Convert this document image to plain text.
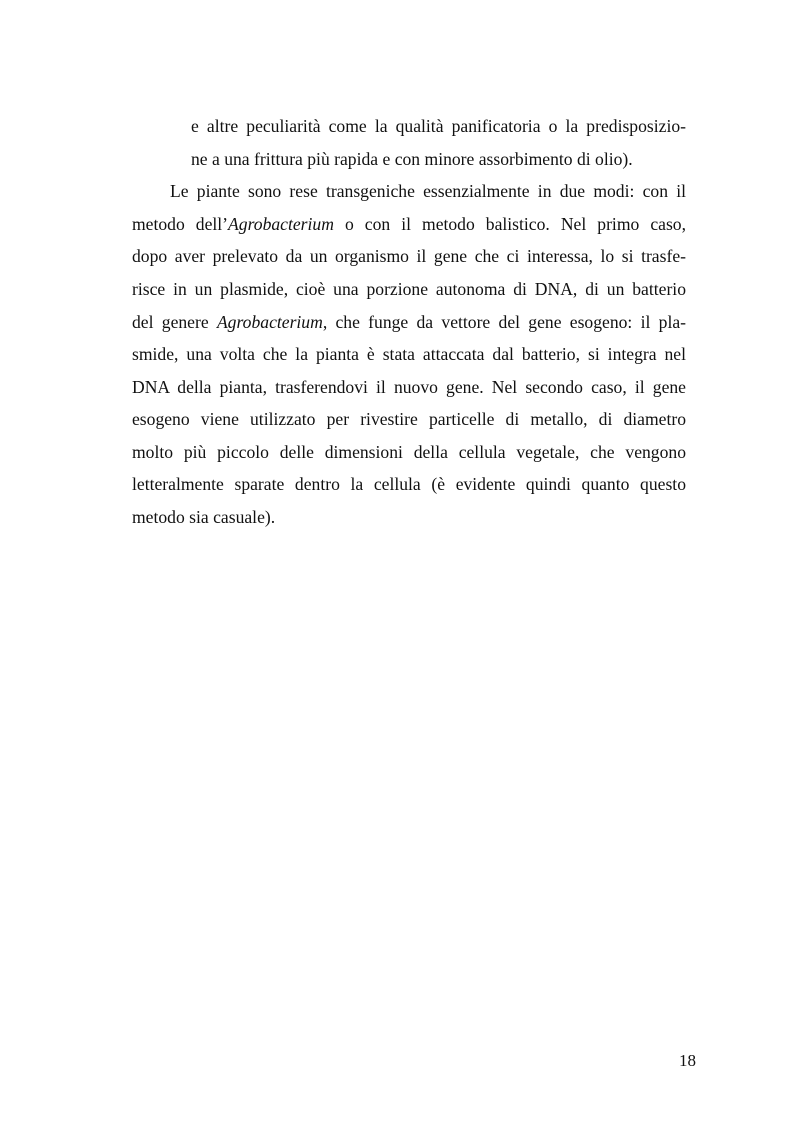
e altre peculiarità come la qualità panificatoria o la predisposizio-
ne a una frittura più rapida e con minore assorbimento di olio).
Le piante sono rese transgeniche essenzialmente in due modi: con il
metodo dell’Agrobacterium o con il metodo balistico. Nel primo caso,
dopo aver prelevato da un organismo il gene che ci interessa, lo si trasfe-
risce in un plasmide, cioè una porzione autonoma di DNA, di un batterio
del genere Agrobacterium, che funge da vettore del gene esogeno: il pla-
smide, una volta che la pianta è stata attaccata dal batterio, si integra nel
DNA della pianta, trasferendovi il nuovo gene. Nel secondo caso, il gene
esogeno viene utilizzato per rivestire particelle di metallo, di diametro
molto più piccolo delle dimensioni della cellula vegetale, che vengono
letteralmente sparate dentro la cellula (è evidente quindi quanto questo
metodo sia casuale).
18
